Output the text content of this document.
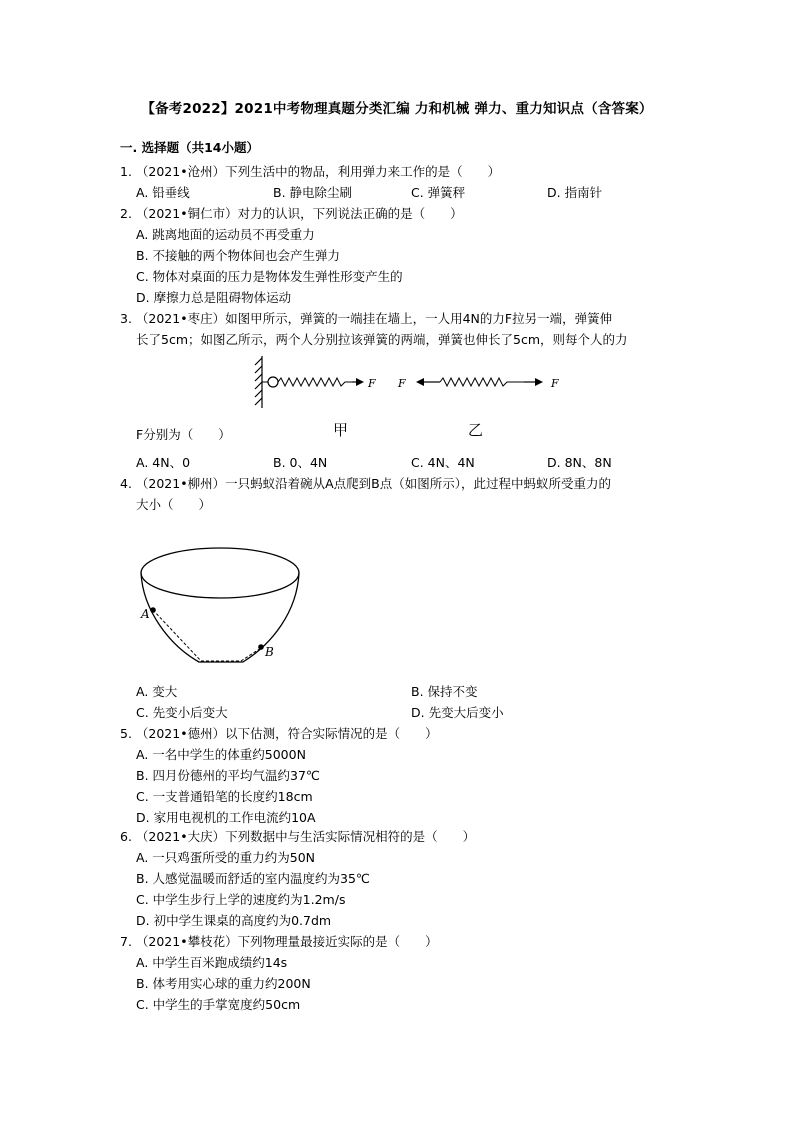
【备考2022】2021中考物理真题分类汇编 力和机械 弹力、重力知识点（含答案）
一. 选择题（共14小题）
1. （2021•沧州）下列生活中的物品，利用弹力来工作的是（　　）
A. 铅垂线	B. 静电除尘刷	C. 弹簧秤	D. 指南针
2. （2021•铜仁市）对力的认识，下列说法正确的是（　　）
A. 跳离地面的运动员不再受重力
B. 不接触的两个物体间也会产生弹力
C. 物体对桌面的压力是物体发生弹性形变产生的
D. 摩擦力总是阻碍物体运动
3. （2021•枣庄）如图甲所示，弹簧的一端挂在墙上，一人用4N的力F拉另一端，弹簧伸
长了5cm；如图乙所示，两个人分别拉该弹簧的两端，弹簧也伸长了5cm，则每个人的力
F F	F
F分别为（　　）	甲	乙
A. 4N、0	B. 0、4N	C. 4N、4N	D. 8N、8N
4. （2021•柳州）一只蚂蚁沿着碗从A点爬到B点（如图所示），此过程中蚂蚁所受重力的
大小（　　）
A
B
A. 变大	B. 保持不变
C. 先变小后变大	D. 先变大后变小
5. （2021•德州）以下估测，符合实际情况的是（　　）
A. 一名中学生的体重约5000N
B. 四月份德州的平均气温约37℃
C. 一支普通铅笔的长度约18cm
D. 家用电视机的工作电流约10A
6. （2021•大庆）下列数据中与生活实际情况相符的是（　　）
A. 一只鸡蛋所受的重力约为50N
B. 人感觉温暖而舒适的室内温度约为35℃
C. 中学生步行上学的速度约为1.2m/s
D. 初中学生课桌的高度约为0.7dm
7. （2021•攀枝花）下列物理量最接近实际的是（　　）
A. 中学生百米跑成绩约14s
B. 体考用实心球的重力约200N
C. 中学生的手掌宽度约50cm
